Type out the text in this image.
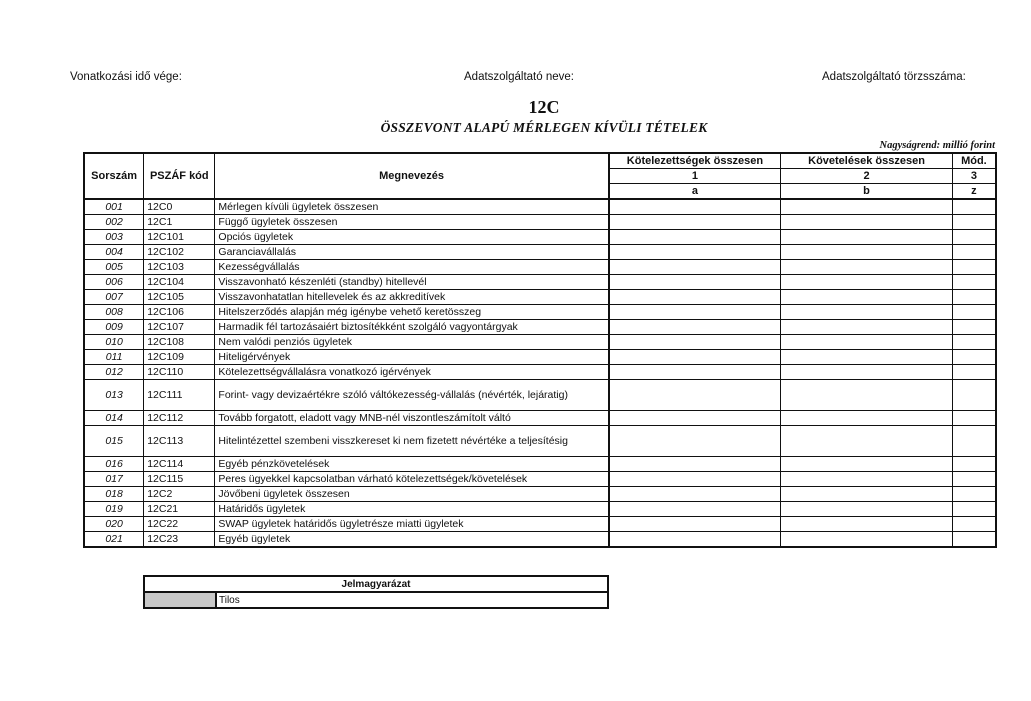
Vonatkozási idő vége:	Adatszolgáltató neve:	Adatszolgáltató törzsszáma:
12C
ÖSSZEVONT ALAPÚ MÉRLEGEN KÍVÜLI TÉTELEK
Nagyságrend: millió forint
Sorszám	PSZÁF kód	Megnevezés	Kötelezettségek összesen	Követelések összesen	Mód.
			1	2	3
			a	b	z
001	12C0	Mérlegen kívüli ügyletek összesen			
002	12C1	Függő ügyletek összesen			
003	12C101	Opciós ügyletek			
004	12C102	Garanciavállalás			
005	12C103	Kezességvállalás			
006	12C104	Visszavonható készenléti (standby) hitellevél			
007	12C105	Visszavonhatatlan hitellevelek és az akkreditívek			
008	12C106	Hitelszerződés alapján még igénybe vehető keretösszeg			
009	12C107	Harmadik fél tartozásaiért biztosítékként szolgáló vagyontárgyak			
010	12C108	Nem valódi penziós ügyletek			
011	12C109	Hiteligérvények			
012	12C110	Kötelezettségvállalásra vonatkozó igérvények			
013	12C111	Forint- vagy devizaértékre szóló váltókezesség-vállalás (névérték, lejáratig)			
014	12C112	Tovább forgatott, eladott vagy MNB-nél viszontleszámítolt váltó			
015	12C113	Hitelintézettel szembeni visszkereset ki nem fizetett névértéke a teljesítésig			
016	12C114	Egyéb pénzkövetelések			
017	12C115	Peres ügyekkel kapcsolatban várható kötelezettségek/követelések			
018	12C2	Jövőbeni ügyletek összesen			
019	12C21	Határidős ügyletek			
020	12C22	SWAP ügyletek határidős ügyletrésze miatti ügyletek			
021	12C23	Egyéb ügyletek			
Jelmagyarázat
	Tilos
